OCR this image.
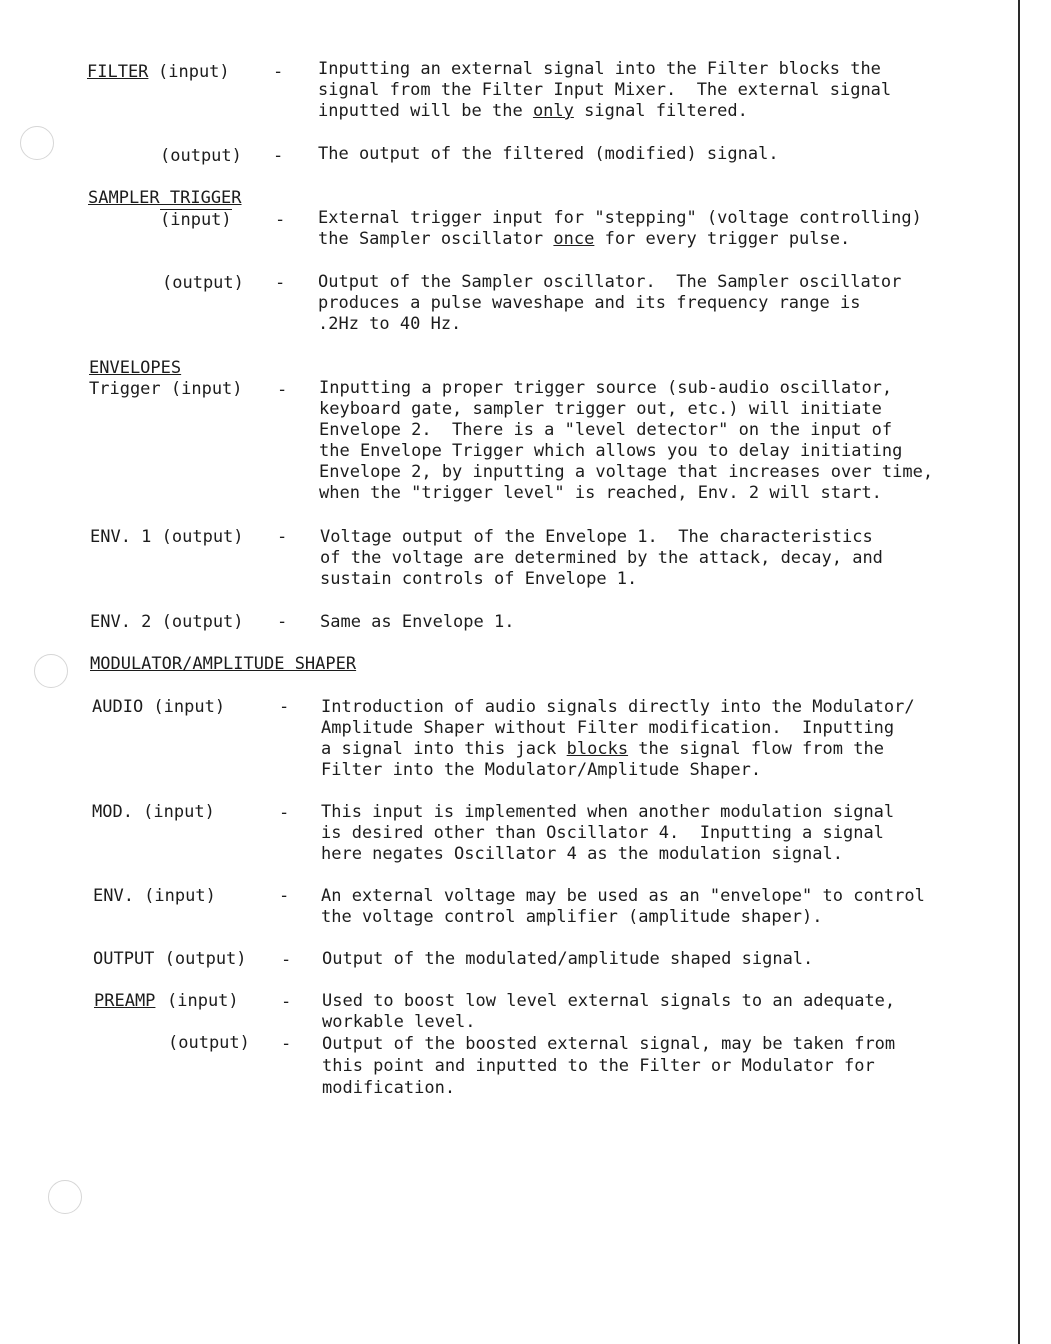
FILTER (input)	- Inputting an external signal into the Filter blocks the
signal from the Filter Input Mixer.  The external signal
inputted will be the only signal filtered.
(output) - The output of the filtered (modified) signal.
SAMPLER TRIGGER
(input)	- External trigger input for "stepping" (voltage controlling)
the Sampler oscillator once for every trigger pulse.
(output) - Output of the Sampler oscillator.  The Sampler oscillator
produces a pulse waveshape and its frequency range is
.2Hz to 40 Hz.
ENVELOPES
Trigger (input) - Inputting a proper trigger source (sub-audio oscillator,
keyboard gate, sampler trigger out, etc.) will initiate
Envelope 2.  There is a "level detector" on the input of
the Envelope Trigger which allows you to delay initiating
Envelope 2, by inputting a voltage that increases over time,
when the "trigger level" is reached, Env. 2 will start.
ENV. 1 (output) - Voltage output of the Envelope 1.  The characteristics
of the voltage are determined by the attack, decay, and
sustain controls of Envelope 1.
ENV. 2 (output) - Same as Envelope 1.
MODULATOR/AMPLITUDE SHAPER
AUDIO (input)	- Introduction of audio signals directly into the Modulator/
Amplitude Shaper without Filter modification.  Inputting
a signal into this jack blocks the signal flow from the
Filter into the Modulator/Amplitude Shaper.
MOD. (input)	- This input is implemented when another modulation signal
is desired other than Oscillator 4.  Inputting a signal
here negates Oscillator 4 as the modulation signal.
ENV. (input)	- An external voltage may be used as an "envelope" to control
the voltage control amplifier (amplitude shaper).
OUTPUT (output) - Output of the modulated/amplitude shaped signal.
PREAMP (input) - Used to boost low level external signals to an adequate,
workable level.
(output) - Output of the boosted external signal, may be taken from
this point and inputted to the Filter or Modulator for
modification.
